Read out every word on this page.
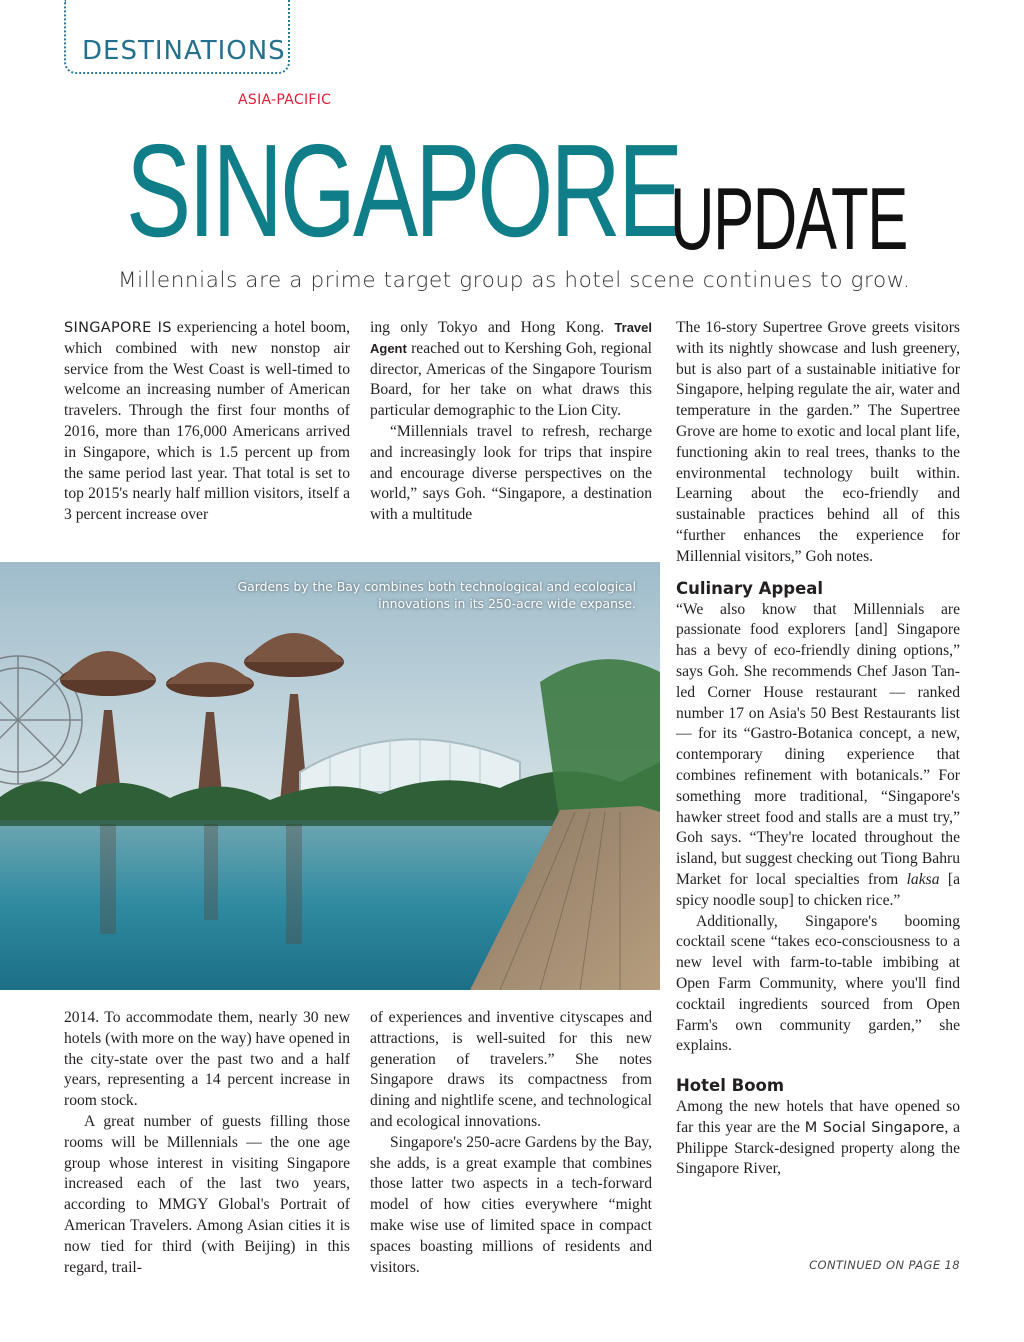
DESTINATIONS
ASIA-PACIFIC
SINGAPORE
UPDATE
Millennials are a prime target group as hotel scene continues to grow.

SINGAPORE IS experiencing a hotel boom, which combined with new nonstop air service from the West Coast is well-timed to welcome an increasing number of American travelers. Through the first four months of 2016, more than 176,000 Americans arrived in Singapore, which is 1.5 percent up from the same period last year. That total is set to top 2015's nearly half million visitors, itself a 3 percent increase over

ing only Tokyo and Hong Kong. Travel Agent reached out to Kershing Goh, regional director, Americas of the Singapore Tourism Board, for her take on what draws this particular demographic to the Lion City.

“Millennials travel to refresh, recharge and increasingly look for trips that inspire and encourage diverse perspectives on the world,” says Goh. “Singapore, a destination with a multitude

Gardens by the Bay combines both technological and ecological innovations in its 250-acre wide expanse.

2014. To accommodate them, nearly 30 new hotels (with more on the way) have opened in the city-state over the past two and a half years, representing a 14 percent increase in room stock.

A great number of guests filling those rooms will be Millennials — the one age group whose interest in visiting Singapore increased each of the last two years, according to MMGY Global's Portrait of American Travelers. Among Asian cities it is now tied for third (with Beijing) in this regard, trail-

of experiences and inventive cityscapes and attractions, is well-suited for this new generation of travelers.” She notes Singapore draws its compactness from dining and nightlife scene, and technological and ecological innovations.

Singapore's 250-acre Gardens by the Bay, she adds, is a great example that combines those latter two aspects in a tech-forward model of how cities everywhere “might make wise use of limited space in compact spaces boasting millions of residents and visitors.

The 16-story Supertree Grove greets visitors with its nightly showcase and lush greenery, but is also part of a sustainable initiative for Singapore, helping regulate the air, water and temperature in the garden.” The Supertree Grove are home to exotic and local plant life, functioning akin to real trees, thanks to the environmental technology built within. Learning about the eco-friendly and sustainable practices behind all of this “further enhances the experience for Millennial visitors,” Goh notes.

Culinary Appeal

“We also know that Millennials are passionate food explorers [and] Singapore has a bevy of eco-friendly dining options,” says Goh. She recommends Chef Jason Tan-led Corner House restaurant — ranked number 17 on Asia's 50 Best Restaurants list — for its “Gastro-Botanica concept, a new, contemporary dining experience that combines refinement with botanicals.” For something more traditional, “Singapore's hawker street food and stalls are a must try,” Goh says. “They're located throughout the island, but suggest checking out Tiong Bahru Market for local specialties from laksa [a spicy noodle soup] to chicken rice.”

Additionally, Singapore's booming cocktail scene “takes eco-consciousness to a new level with farm-to-table imbibing at Open Farm Community, where you'll find cocktail ingredients sourced from Open Farm's own community garden,” she explains.

Hotel Boom

Among the new hotels that have opened so far this year are the M Social Singapore, a Philippe Starck-designed property along the Singapore River,

CONTINUED ON PAGE 18
